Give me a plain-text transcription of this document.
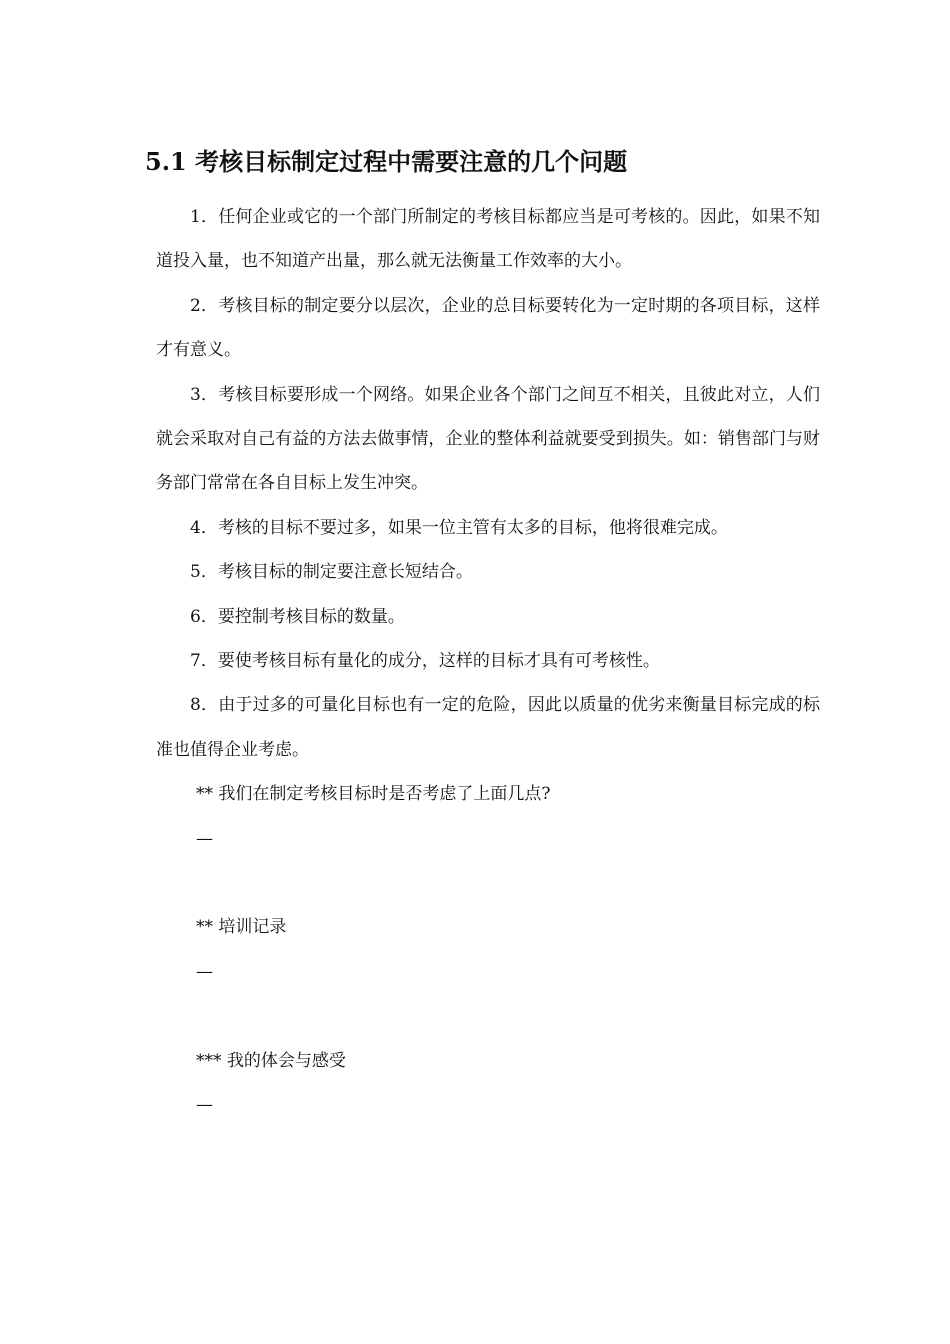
5.1 考核目标制定过程中需要注意的几个问题

1．任何企业或它的一个部门所制定的考核目标都应当是可考核的。因此，如果不知道投入量，也不知道产出量，那么就无法衡量工作效率的大小。

2．考核目标的制定要分以层次，企业的总目标要转化为一定时期的各项目标，这样才有意义。

3．考核目标要形成一个网络。如果企业各个部门之间互不相关，且彼此对立，人们就会采取对自己有益的方法去做事情，企业的整体利益就要受到损失。如：销售部门与财务部门常常在各自目标上发生冲突。

4．考核的目标不要过多，如果一位主管有太多的目标，他将很难完成。

5．考核目标的制定要注意长短结合。

6．要控制考核目标的数量。

7．要使考核目标有量化的成分，这样的目标才具有可考核性。

8．由于过多的可量化目标也有一定的危险，因此以质量的优劣来衡量目标完成的标准也值得企业考虑。

** 我们在制定考核目标时是否考虑了上面几点?

—

** 培训记录

—

*** 我的体会与感受

—
